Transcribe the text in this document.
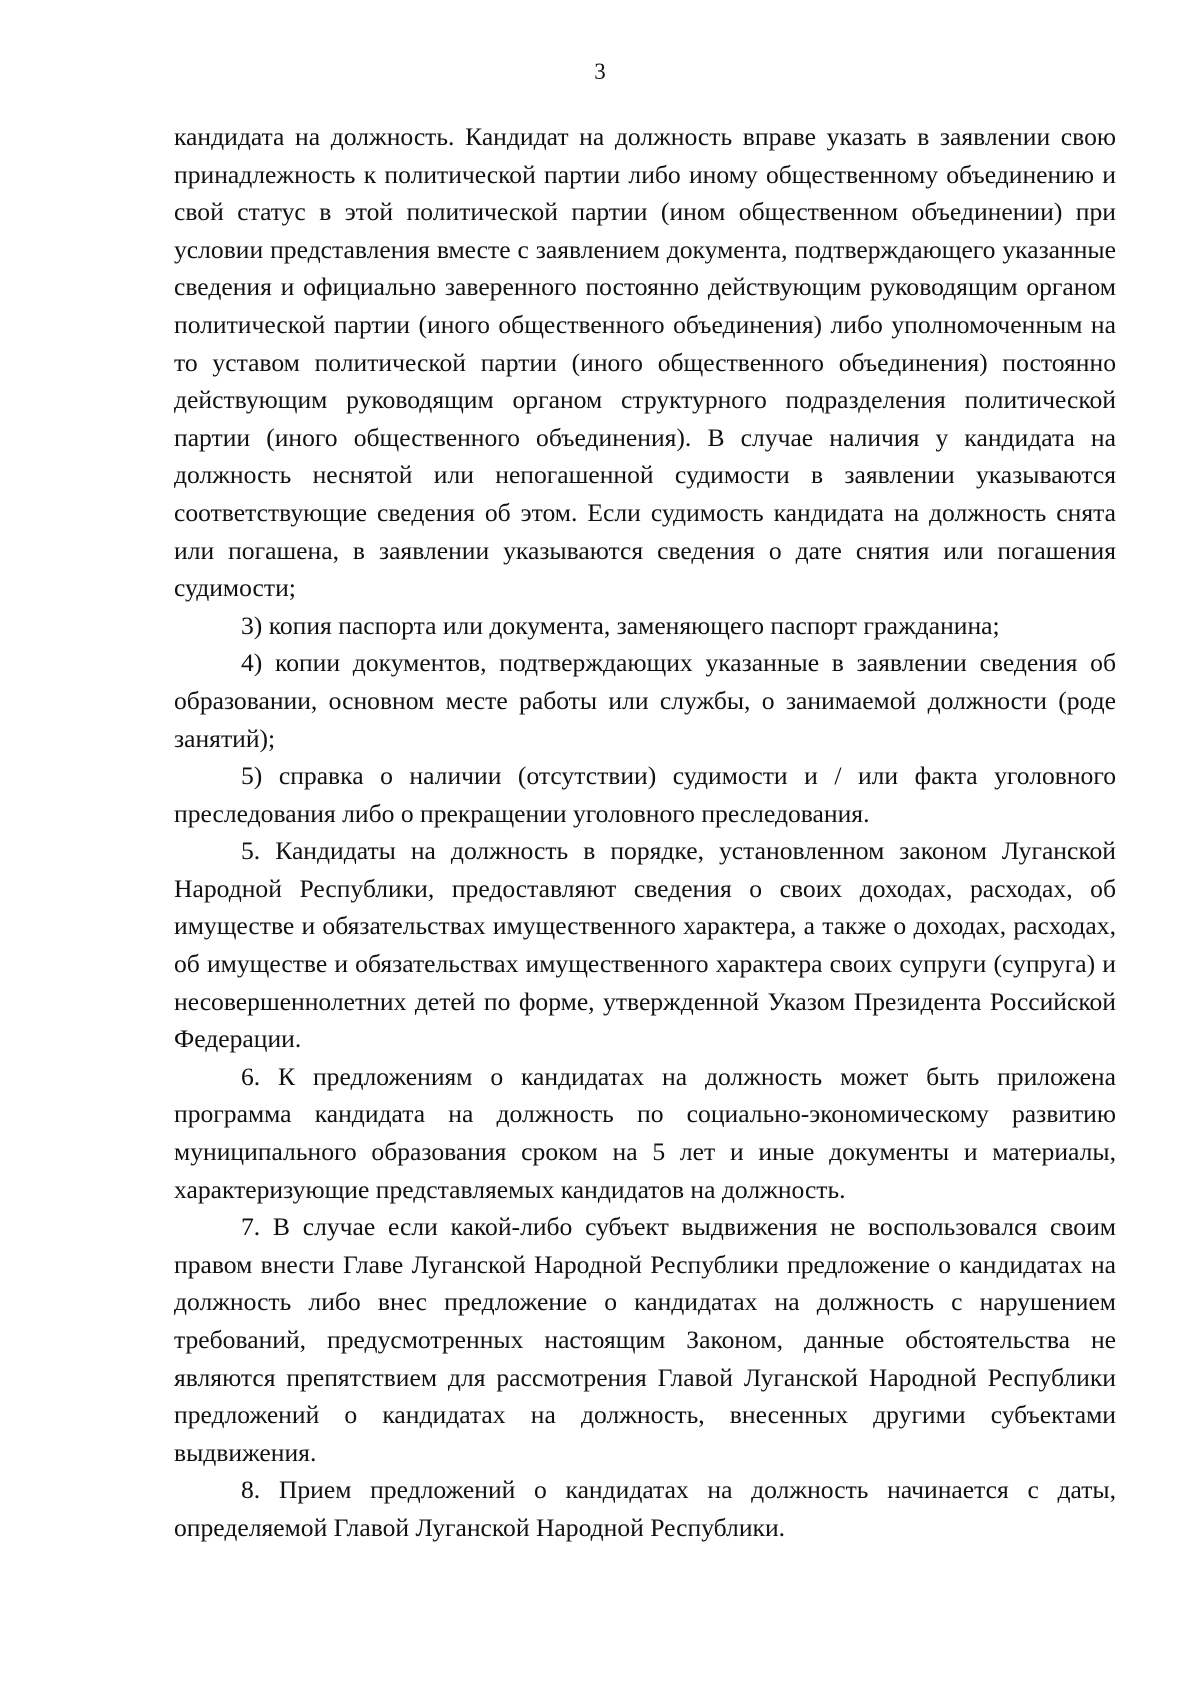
3

кандидата на должность. Кандидат на должность вправе указать в заявлении свою принадлежность к политической партии либо иному общественному объединению и свой статус в этой политической партии (ином общественном объединении) при условии представления вместе с заявлением документа, подтверждающего указанные сведения и официально заверенного постоянно действующим руководящим органом политической партии (иного общественного объединения) либо уполномоченным на то уставом политической партии (иного общественного объединения) постоянно действующим руководящим органом структурного подразделения политической партии (иного общественного объединения). В случае наличия у кандидата на должность неснятой или непогашенной судимости в заявлении указываются соответствующие сведения об этом. Если судимость кандидата на должность снята или погашена, в заявлении указываются сведения о дате снятия или погашения судимости;

3) копия паспорта или документа, заменяющего паспорт гражданина;

4) копии документов, подтверждающих указанные в заявлении сведения об образовании, основном месте работы или службы, о занимаемой должности (роде занятий);

5) справка о наличии (отсутствии) судимости и / или факта уголовного преследования либо о прекращении уголовного преследования.

5. Кандидаты на должность в порядке, установленном законом Луганской Народной Республики, предоставляют сведения о своих доходах, расходах, об имуществе и обязательствах имущественного характера, а также о доходах, расходах, об имуществе и обязательствах имущественного характера своих супруги (супруга) и несовершеннолетних детей по форме, утвержденной Указом Президента Российской Федерации.

6. К предложениям о кандидатах на должность может быть приложена программа кандидата на должность по социально-экономическому развитию муниципального образования сроком на 5 лет и иные документы и материалы, характеризующие представляемых кандидатов на должность.

7. В случае если какой-либо субъект выдвижения не воспользовался своим правом внести Главе Луганской Народной Республики предложение о кандидатах на должность либо внес предложение о кандидатах на должность с нарушением требований, предусмотренных настоящим Законом, данные обстоятельства не являются препятствием для рассмотрения Главой Луганской Народной Республики предложений о кандидатах на должность, внесенных другими субъектами выдвижения.

8. Прием предложений о кандидатах на должность начинается с даты, определяемой Главой Луганской Народной Республики.
